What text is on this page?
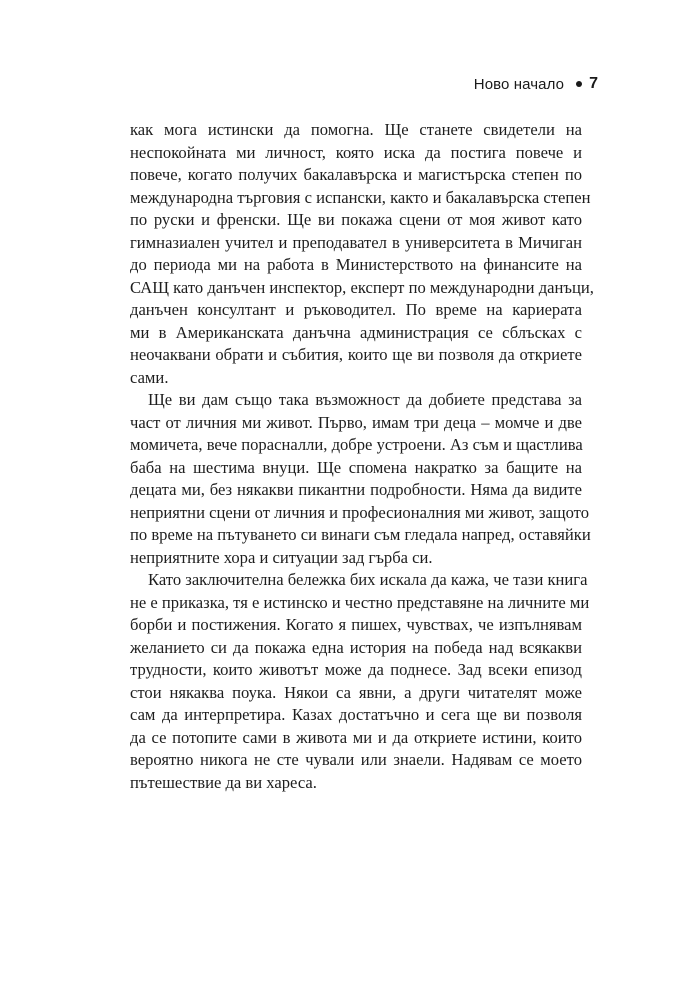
Ново начало 7
как мога истински да помогна. Ще станете свидетели на
неспокойната ми личност, която иска да постига повече и
повече, когато получих бакалавърска и магистърска степен по
международна търговия с испански, както и бакалавърска степен
по руски и френски. Ще ви покажа сцени от моя живот като
гимназиален учител и преподавател в университета в Мичиган
до периода ми на работа в Министерството на финансите на
САЩ като данъчен инспектор, експерт по международни данъци,
данъчен консултант и ръководител. По време на кариерата
ми в Американската данъчна администрация се сблъсках с
неочаквани обрати и събития, които ще ви позволя да откриете
сами.
Ще ви дам също така възможност да добиете представа за
част от личния ми живот. Първо, имам три деца – момче и две
момичета, вече порасналли, добре устроени. Аз съм и щастлива
баба на шестима внуци. Ще спомена накратко за бащите на
децата ми, без някакви пикантни подробности. Няма да видите
неприятни сцени от личния и професионалния ми живот, защото
по време на пътуването си винаги съм гледала напред, оставяйки
неприятните хора и ситуации зад гърба си.
Като заключителна бележка бих искала да кажа, че тази книга
не е приказка, тя е истинско и честно представяне на личните ми
борби и постижения. Когато я пишех, чувствах, че изпълнявам
желанието си да покажа една история на победа над всякакви
трудности, които животът може да поднесе. Зад всеки епизод
стои някаква поука. Някои са явни, а други читателят може
сам да интерпретира. Казах достатъчно и сега ще ви позволя
да се потопите сами в живота ми и да откриете истини, които
вероятно никога не сте чували или знаели. Надявам се моето
пътешествие да ви хареса.
